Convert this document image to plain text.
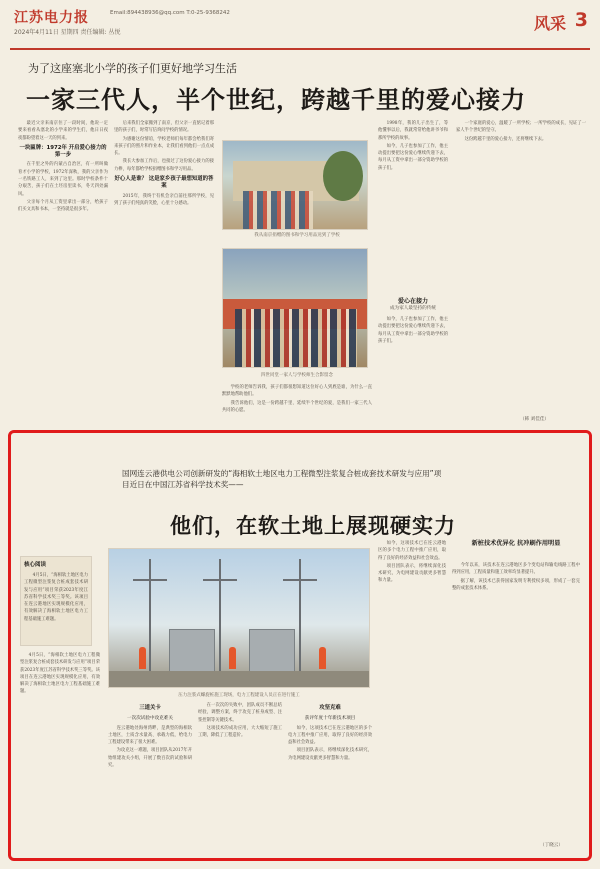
江苏电力报	Email:894438936@qq.com T:0-25-9368242
2024年4月11日 星期四 责任编辑: 丛悦	风采 3
为了这座塞北小学的孩子们更好地学习生活
一家三代人，半个世纪，跨越千里的爱心接力

最近父亲来南京住了一段时间，他说一定要来看看从塞北的小学来的学生们，他日日夜夜都盼望着这一天的到来。

一块匾牌：1972年 开启爱心接力的第一步

在千里之外的内蒙古自治区，有一所叫做育才小学的学校，1972年深秋，我的父亲作为一名铁路工人，来到了这里。那时学校条件十分艰苦，孩子们在土坯房里读书，冬天四处漏风。

父亲每个月从工资里拿出一部分，给孩子们买文具和书本，一坚持就是很多年。

后来我们全家搬到了南京，但父亲一直惦记着那里的孩子们，时常写信询问学校的情况。

为感谢这份情谊，学校老师们每年都会给我们寄来孩子们的照片和作业本，让我们看到他们一点点成长。

我长大参加工作后，也接过了这份爱心接力的接力棒，每年都给学校捐赠图书和学习用品。

好心人是谁？ 这是家乡孩子最想知道的答案

2015年，我终于有机会亲自前往那所学校，见到了孩子们纯真的笑脸，心里十分感动。

我从南京捐赠的图书和学习用品送到了学校
四世同堂一家人与学校师生合影留念

学校的老师告诉我，孩子们都很想知道这位好心人到底是谁，为什么一直默默地帮助他们。

我告诉他们，这是一份跨越千里、延续半个世纪的爱，是我们一家三代人共同的心愿。

1998年，我的儿子出生了，等他懂事以后，我就常常给他讲爷爷和那所学校的故事。

如今，儿子也参加了工作，他主动提出要把这份爱心继续传递下去，每月从工资中拿出一部分资助学校的孩子们。

爱心在接力
成为家人最坚持的传统

如今，儿子也参加了工作，他主动提出要把这份爱心继续传递下去，每月从工资中拿出一部分资助学校的孩子们。

一个家庭的爱心，温暖了一所学校；一所学校的成长，见证了一家人半个世纪的坚守。

这份跨越千里的爱心接力，还将继续下去。

（韩 刘佳佳）
国网连云港供电公司创新研发的“海相软土地区电力工程微型注浆复合桩成套技术研发与应用”项目近日在中国江苏省科学技术奖——
他们，在软土地上展现硬实力
核心阅读

4月5日，“海相软土地区电力工程微型注浆复合桩成套技术研发与应用”项目荣获2023年度江苏省科学技术奖三等奖。该项目在连云港地区实现规模化应用，有效解决了海相软土地区电力工程基础施工难题。

4月5日，“海相软土地区电力工程微型注浆复合桩成套技术研发与应用”项目荣获2023年度江苏省科学技术奖三等奖。该项目在连云港地区实现规模化应用，有效解决了海相软土地区电力工程基础施工难题。

压力注浆式螺旋桩施工现场，电力工程建设人员正在进行施工
三道关卡
一次次试验中攻克难关

连云港地处海州湾畔，是典型的海相软土地区，土质含水量高、承载力低，给电力工程建设带来了很大困难。

为攻克这一难题，项目团队从2017年开始组建攻关小组，开展了数百次的试验和研究。

在一次次的失败中，团队成员不断总结经验，调整方案，终于攻克了桩身成型、注浆控制等关键技术。

这项技术的成功应用，大大缩短了施工工期，降低了工程造价。

攻坚克难
获评年度十年新技术项目

如今，这项技术已在连云港地区的多个电力工程中推广应用，取得了良好的经济效益和社会效益。

项目团队表示，将继续深化技术研究，为电网建设贡献更多智慧和力量。

如今，这项技术已在连云港地区的多个电力工程中推广应用，取得了良好的经济效益和社会效益。

项目团队表示，将继续深化技术研究，为电网建设贡献更多智慧和力量。

新桩技术优异化 抗冲刷作用明显

今年以来，该技术在连云港地区多个变电站和输电线路工程中得到应用，工程质量和施工效率均显著提升。

据了解，该技术已获得国家发明专利授权多项，形成了一套完整的成套技术体系。

（丁晓云）
